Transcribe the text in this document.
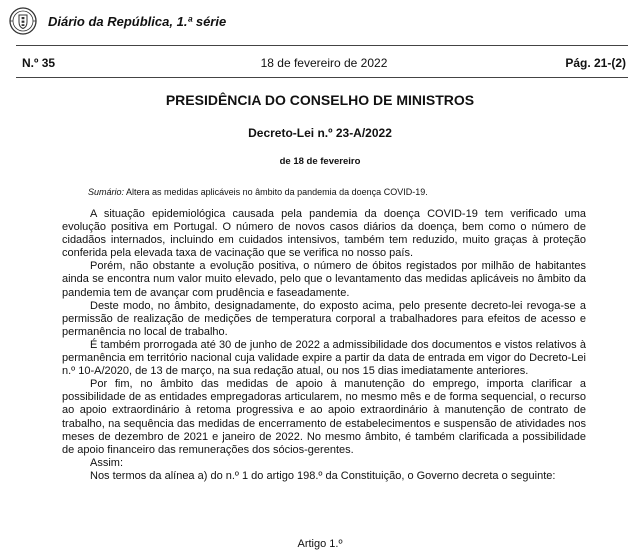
Diário da República, 1.ª série
N.º 35	18 de fevereiro de 2022	Pág. 21-(2)
PRESIDÊNCIA DO CONSELHO DE MINISTROS
Decreto-Lei n.º 23-A/2022
de 18 de fevereiro
Sumário: Altera as medidas aplicáveis no âmbito da pandemia da doença COVID-19.

A situação epidemiológica causada pela pandemia da doença COVID-19 tem verificado uma evolução positiva em Portugal. O número de novos casos diários da doença, bem como o número de cidadãos internados, incluindo em cuidados intensivos, também tem reduzido, muito graças à proteção conferida pela elevada taxa de vacinação que se verifica no nosso país.

Porém, não obstante a evolução positiva, o número de óbitos registados por milhão de habitantes ainda se encontra num valor muito elevado, pelo que o levantamento das medidas aplicáveis no âmbito da pandemia tem de avançar com prudência e faseadamente.

Deste modo, no âmbito, designadamente, do exposto acima, pelo presente decreto-lei revoga-se a permissão de realização de medições de temperatura corporal a trabalhadores para efeitos de acesso e permanência no local de trabalho.

É também prorrogada até 30 de junho de 2022 a admissibilidade dos documentos e vistos relativos à permanência em território nacional cuja validade expire a partir da data de entrada em vigor do Decreto-Lei n.º 10-A/2020, de 13 de março, na sua redação atual, ou nos 15 dias imediatamente anteriores.

Por fim, no âmbito das medidas de apoio à manutenção do emprego, importa clarificar a possibilidade de as entidades empregadoras articularem, no mesmo mês e de forma sequencial, o recurso ao apoio extraordinário à retoma progressiva e ao apoio extraordinário à manutenção de contrato de trabalho, na sequência das medidas de encerramento de estabelecimentos e suspensão de atividades nos meses de dezembro de 2021 e janeiro de 2022. No mesmo âmbito, é também clarificada a possibilidade de apoio financeiro das remunerações dos sócios-gerentes.

Assim:

Nos termos da alínea a) do n.º 1 do artigo 198.º da Constituição, o Governo decreta o seguinte:

Artigo 1.º
